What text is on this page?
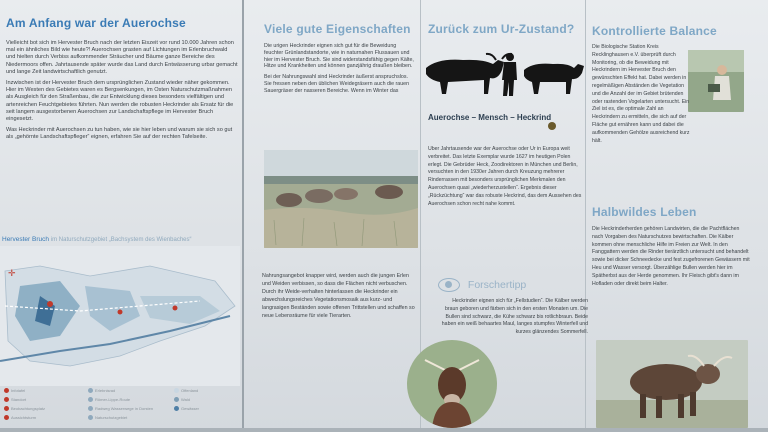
Am Anfang war der Auerochse

Vielleicht bot sich im Hervester Bruch nach der letzten Eiszeit vor rund 10.000 Jahren schon mal ein ähnliches Bild wie heute?! Auerochsen grasten auf Lichtungen im Erlenbruchwald und hielten durch Verbiss aufkommender Sträucher und Bäume ganze Bereiche des Niedermoors offen. Jahrtausende später wurde das Land durch Entwässerung urbar gemacht und lange Zeit landwirtschaftlich genutzt.

Inzwischen ist der Hervester Bruch dem ursprünglichen Zustand wieder näher gekommen. Hier im Westen des Gebietes waren es Bergsenkungen, im Osten Naturschutzmaßnahmen als Ausgleich für den Straßenbau, die zur Entwicklung dieses besonders vielfältigen und artenreichen Feuchtgebietes führten. Nun werden die robusten Heckrinder als Ersatz für die seit langem ausgestorbenen Auerochsen zur Landschaftspflege im Hervester Bruch eingesetzt.

Was Heckrinder mit Auerochsen zu tun haben, wie sie hier leben und warum sie sich so gut als „gehörnte Landschaftspfleger“ eignen, erfahren Sie auf der rechten Tafelseite.

Hervester Bruch im Naturschutzgebiet „Bachsystem des Wienbaches“
✛
Infotafel
Standort
Beobachtungsplatz
Aussichtsturm
Erlebnisrad
Römer-Lippe-Route
Radweg Wasserwege in Dorsten
Naturschutzgebiet
Offenland
Wald
Gewässer
Viele gute Eigenschaften

Die urigen Heckrinder eignen sich gut für die Beweidung feuchter Grünlandstandorte, wie in naturnahen Flussauen und hier im Hervester Bruch. Sie sind widerstandsfähig gegen Kälte, Hitze und Krankheiten und können ganzjährig draußen bleiben.

Bei der Nahrungswahl sind Heckrinder äußerst anspruchslos. Sie fressen neben den üblichen Weidegräsern auch die rauen Sauergräser der nasseren Bereiche. Wenn im Winter das

Nahrungsangebot knapper wird, werden auch die jungen Erlen und Weiden verbissen, so dass die Flächen nicht verbuschen. Durch ihr Weide-verhalten hinterlassen die Heckrinder ein abwechslungsreiches Vegetationsmosaik aus kurz- und langrasigen Beständen sowie offenen Trittstellen und schaffen so neue Lebensräume für viele Tierarten.
Zurück zum Ur-Zustand?
Auerochse – Mensch – Heckrind
Über Jahrtausende war der Auerochse oder Ur in Europa weit verbreitet. Das letzte Exemplar wurde 1627 im heutigen Polen erlegt. Die Gebrüder Heck, Zoodirektoren in München und Berlin, versuchten in den 1930er Jahren durch Kreuzung mehrerer Rinderrassen mit besonders ursprünglichen Merkmalen den Auerochsen quasi „wiederherzustellen“. Ergebnis dieser „Rückzüchtung“ war das robuste Heckrind, das dem Aussehen des Auerochsen schon recht nahe kommt.
Forschertipp
Heckrinder eignen sich für „Fellstudien“. Die Kälber werden braun geboren und färben sich in den ersten Monaten um. Die Bullen sind schwarz, die Kühe schwarz bis rotlichbraun. Beide haben ein weiß behaartes Maul, langes stumpfes Winterfell und kurzes glänzendes Sommerfell.
Kontrollierte Balance
Die Biologische Station Kreis Recklinghausen e.V. überprüft durch Monitoring, ob die Beweidung mit Heckrindern im Hervester Bruch den gewünschten Effekt hat. Dabei werden in regelmäßigen Abständen die Vegetation und die Anzahl der im Gebiet brütenden oder rastenden Vogelarten untersucht. Ein Ziel ist es, die optimale Zahl an Heckrindern zu ermitteln, die sich auf der Fläche gut ernähren kann und dabei die aufkommenden Gehölze ausreichend kurz hält.
Halbwildes Leben
Die Heckrinderherden gehören Landwirten, die die Pachtflächen nach Vorgaben des Naturschutzes bewirtschaften. Die Kälber kommen ohne menschliche Hilfe im Freien zur Welt. In den Fanggattern werden die Rinder tierärztlich untersucht und behandelt sowie bei dicker Schneedecke und fest zugefrorenen Gewässern mit Heu und Wasser versorgt. Überzählige Bullen werden hier im Spätherbst aus der Herde genommen. Ihr Fleisch gibt's dann im Hofladen oder direkt beim Halter.
